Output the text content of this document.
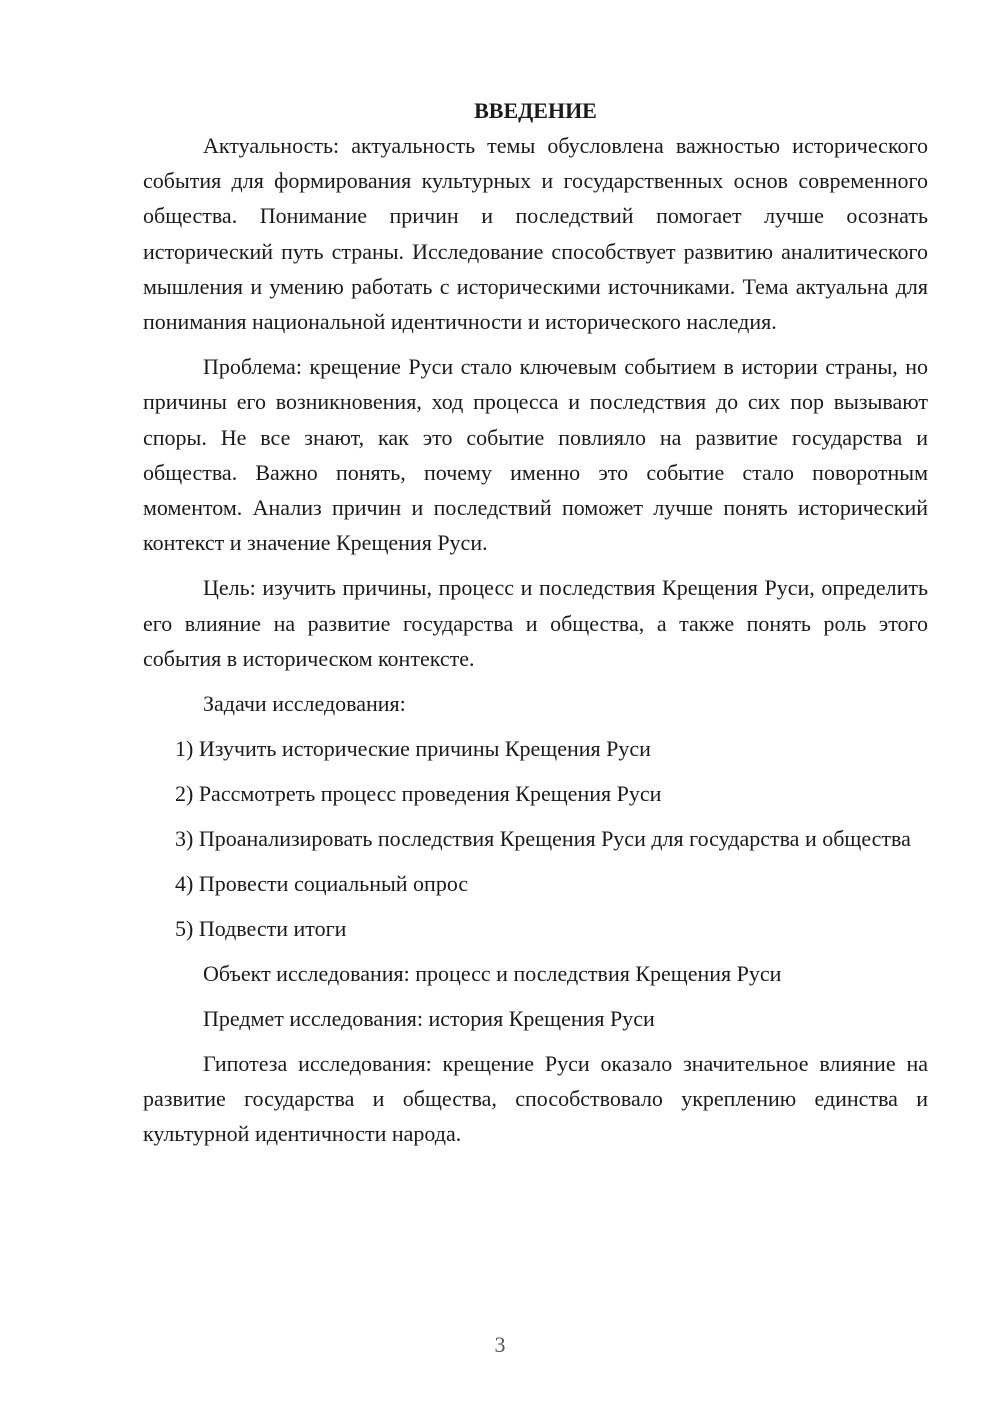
ВВЕДЕНИЕ

Актуальность: актуальность темы обусловлена важностью исторического события для формирования культурных и государственных основ современного общества. Понимание причин и последствий помогает лучше осознать исторический путь страны. Исследование способствует развитию аналитического мышления и умению работать с историческими источниками. Тема актуальна для понимания национальной идентичности и исторического наследия.

Проблема: крещение Руси стало ключевым событием в истории страны, но причины его возникновения, ход процесса и последствия до сих пор вызывают споры. Не все знают, как это событие повлияло на развитие государства и общества. Важно понять, почему именно это событие стало поворотным моментом. Анализ причин и последствий поможет лучше понять исторический контекст и значение Крещения Руси.

Цель: изучить причины, процесс и последствия Крещения Руси, определить его влияние на развитие государства и общества, а также понять роль этого события в историческом контексте.

Задачи исследования:

1) Изучить исторические причины Крещения Руси

2) Рассмотреть процесс проведения Крещения Руси

3) Проанализировать последствия Крещения Руси для государства и общества

4) Провести социальный опрос

5) Подвести итоги

Объект исследования: процесс и последствия Крещения Руси

Предмет исследования: история Крещения Руси

Гипотеза исследования: крещение Руси оказало значительное влияние на развитие государства и общества, способствовало укреплению единства и культурной идентичности народа.

3
